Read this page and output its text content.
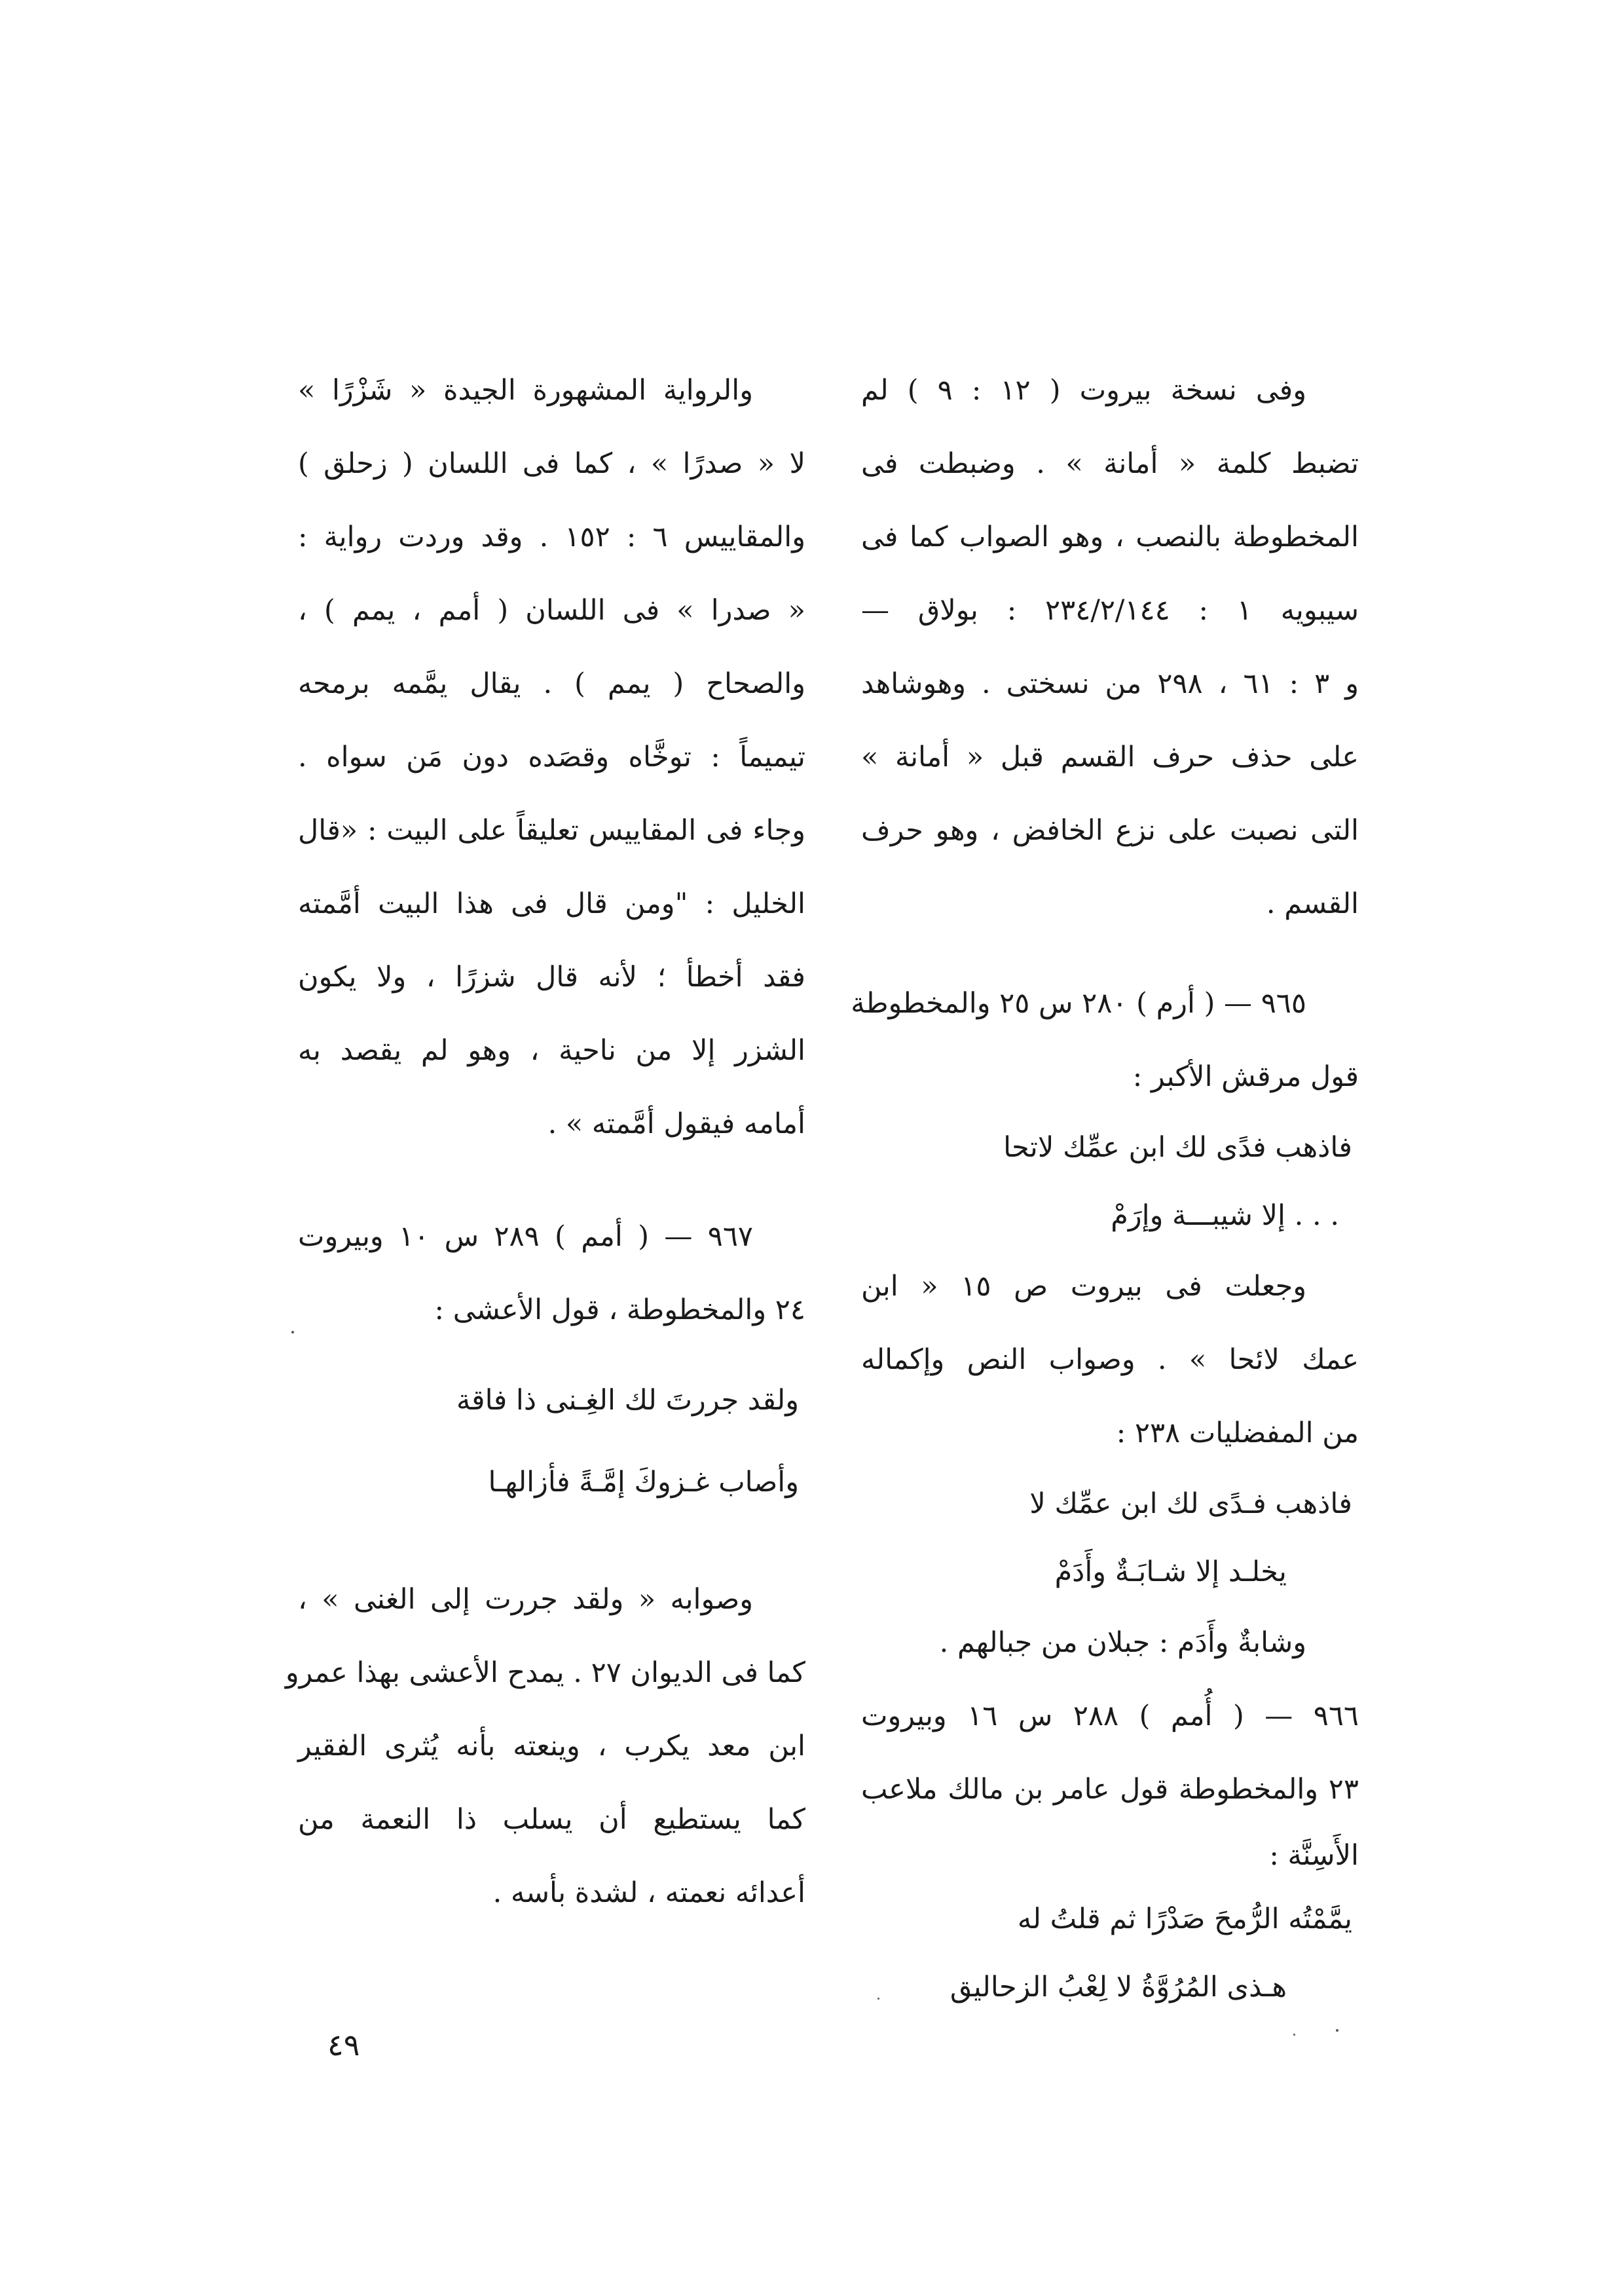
وفى نسخة بيروت ( ١٢ : ٩ ) لم

تضبط كلمة « أمانة » . وضبطت فى

المخطوطة بالنصب ، وهو الصواب كما فى

سيبويه ١ : ٢٣٤/٢/١٤٤ : بولاق —

و ٣ : ٦١ ، ٢٩٨ من نسختى . وهوشاهد

على حذف حرف القسم قبل « أمانة »

التى نصبت على نزع الخافض ، وهو حرف

القسم .

٩٦٥ — ( أرم ) ٢٨٠ س ٢٥ والمخطوطة

قول مرقش الأكبر :

فاذهب فدًى لك ابن عمِّك لاتحا

. . . إلا شيبـــة وإرَمْ

وجعلت فى بيروت ص ١٥ « ابن

عمك لائحا » . وصواب النص وإكماله

من المفضليات ٢٣٨ :

فاذهب فـدًى لك ابن عمِّك لا

يخلـد إلا شـابَـةٌ وأَدَمْ

وشابةٌ وأَدَم : جبلان من جبالهم .

٩٦٦ — ( أُمم ) ٢٨٨ س ١٦ وبيروت

٢٣ والمخطوطة قول عامر بن مالك ملاعب

الأَسِنَّة :

يمَّمْتُه الرُّمحَ صَدْرًا ثم قلتُ له

هـذى المُرُوَّةُ لا لِعْبُ الزحاليق

والرواية المشهورة الجيدة « شَزْرًا »

لا « صدرًا » ، كما فى اللسان ( زحلق )

والمقاييس ٦ : ١٥٢ . وقد وردت رواية :

« صدرا » فى اللسان ( أمم ، يمم ) ،

والصحاح ( يمم ) . يقال يمَّمه برمحه

تيميماً : توخَّاه وقصَده دون مَن سواه .

وجاء فى المقاييس تعليقاً على البيت : «قال

الخليل : "ومن قال فى هذا البيت أمَّمته

فقد أخطأ ؛ لأنه قال شزرًا ، ولا يكون

الشزر إلا من ناحية ، وهو لم يقصد به

أمامه فيقول أمَّمته » .

٩٦٧ — ( أمم ) ٢٨٩ س ١٠ وبيروت

٢٤ والمخطوطة ، قول الأعشى :

ولقد جررتَ لك الغِـنى ذا فاقة

وأصاب غـزوكَ إمَّـةً فأزالهـا

وصوابه « ولقد جررت إلى الغنى » ،

كما فى الديوان ٢٧ . يمدح الأعشى بهذا عمرو

ابن معد يكرب ، وينعته بأنه يُثرى الفقير

كما يستطيع أن يسلب ذا النعمة من

أعدائه نعمته ، لشدة بأسه .

٤٩
